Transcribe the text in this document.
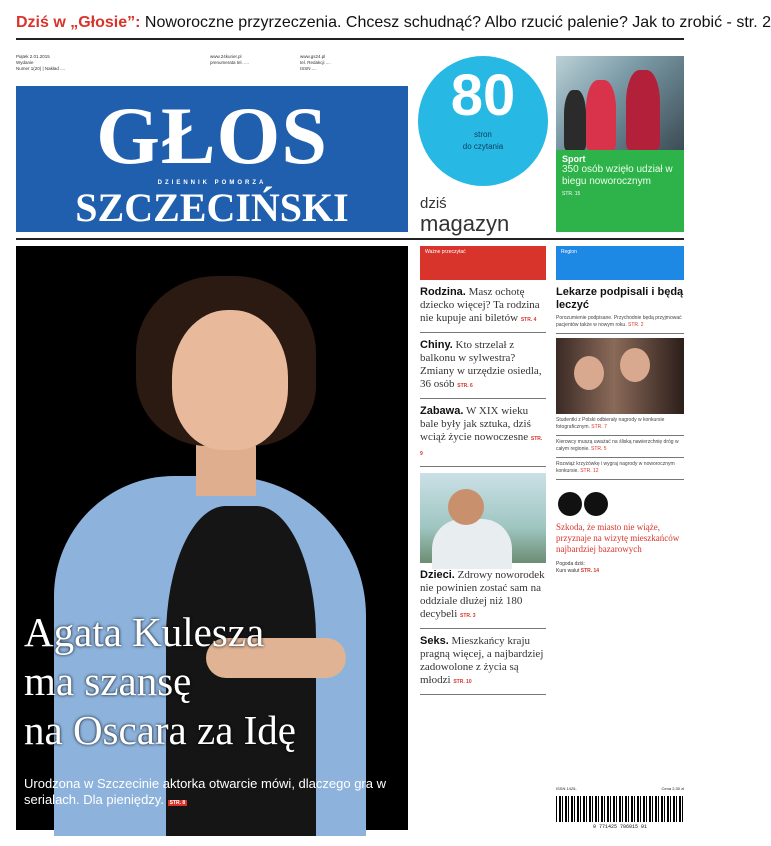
Dziś w „Głosie”: Noworoczne przyrzeczenia. Chcesz schudnąć? Albo rzucić palenie? Jak to zrobić - str. 2
Piątek 2.01.2015
Wydanie
Numer 1(20) | Nakład ....
www.24kurier.pl
prenumerata tel. ....
www.gs24.pl
tel. Redakcji ....
ISSN ....
GŁOS
DZIENNIK POMORZA
SZCZECIŃSKI
80
stron
do czytania
dziś
magazyn
Sport
350 osób wzięło udział w biegu noworocznym
STR. 15
Agata Kulesza
ma szansę
na Oscara za Idę
Urodzona w Szczecinie aktorka otwarcie mówi, dlaczego gra w serialach. Dla pieniędzy. STR. 8
Ważne przeczytać
Rodzina. Masz ochotę dziecko więcej? Ta rodzina nie kupuje ani biletów STR. 4
Chiny. Kto strzelał z balkonu w sylwestra? Zmiany w urzędzie osiedla, 36 osób STR. 6
Zabawa. W XIX wieku bale były jak sztuka, dziś wciąż życie nowoczesne STR. 9
Dzieci. Zdrowy noworodek nie powinien zostać sam na oddziale dłużej niż 180 decybeli STR. 3
Seks. Mieszkańcy kraju pragną więcej, a najbardziej zadowolone z życia są młodzi STR. 10
Region
Lekarze podpisali i będą leczyć
Porozumienie podpisane. Przychodnie będą przyjmować pacjentów także w nowym roku. STR. 2
Studentki z Polski odbierały nagrody w konkursie fotograficznym. STR. 7
Kierowcy muszą uważać na śliską nawierzchnię dróg w całym regionie. STR. 5
Rozwiąż krzyżówkę i wygraj nagrody w noworocznym konkursie. STR. 12
Szkoda, że miasto nie wiąże, przyznaje na wizytę mieszkańców najbardziej bazarowych
Pogoda dziś:
Kurs walut STR. 14
ISSN 1425-	Cena 2,30 zł
9 771425 706015 01
